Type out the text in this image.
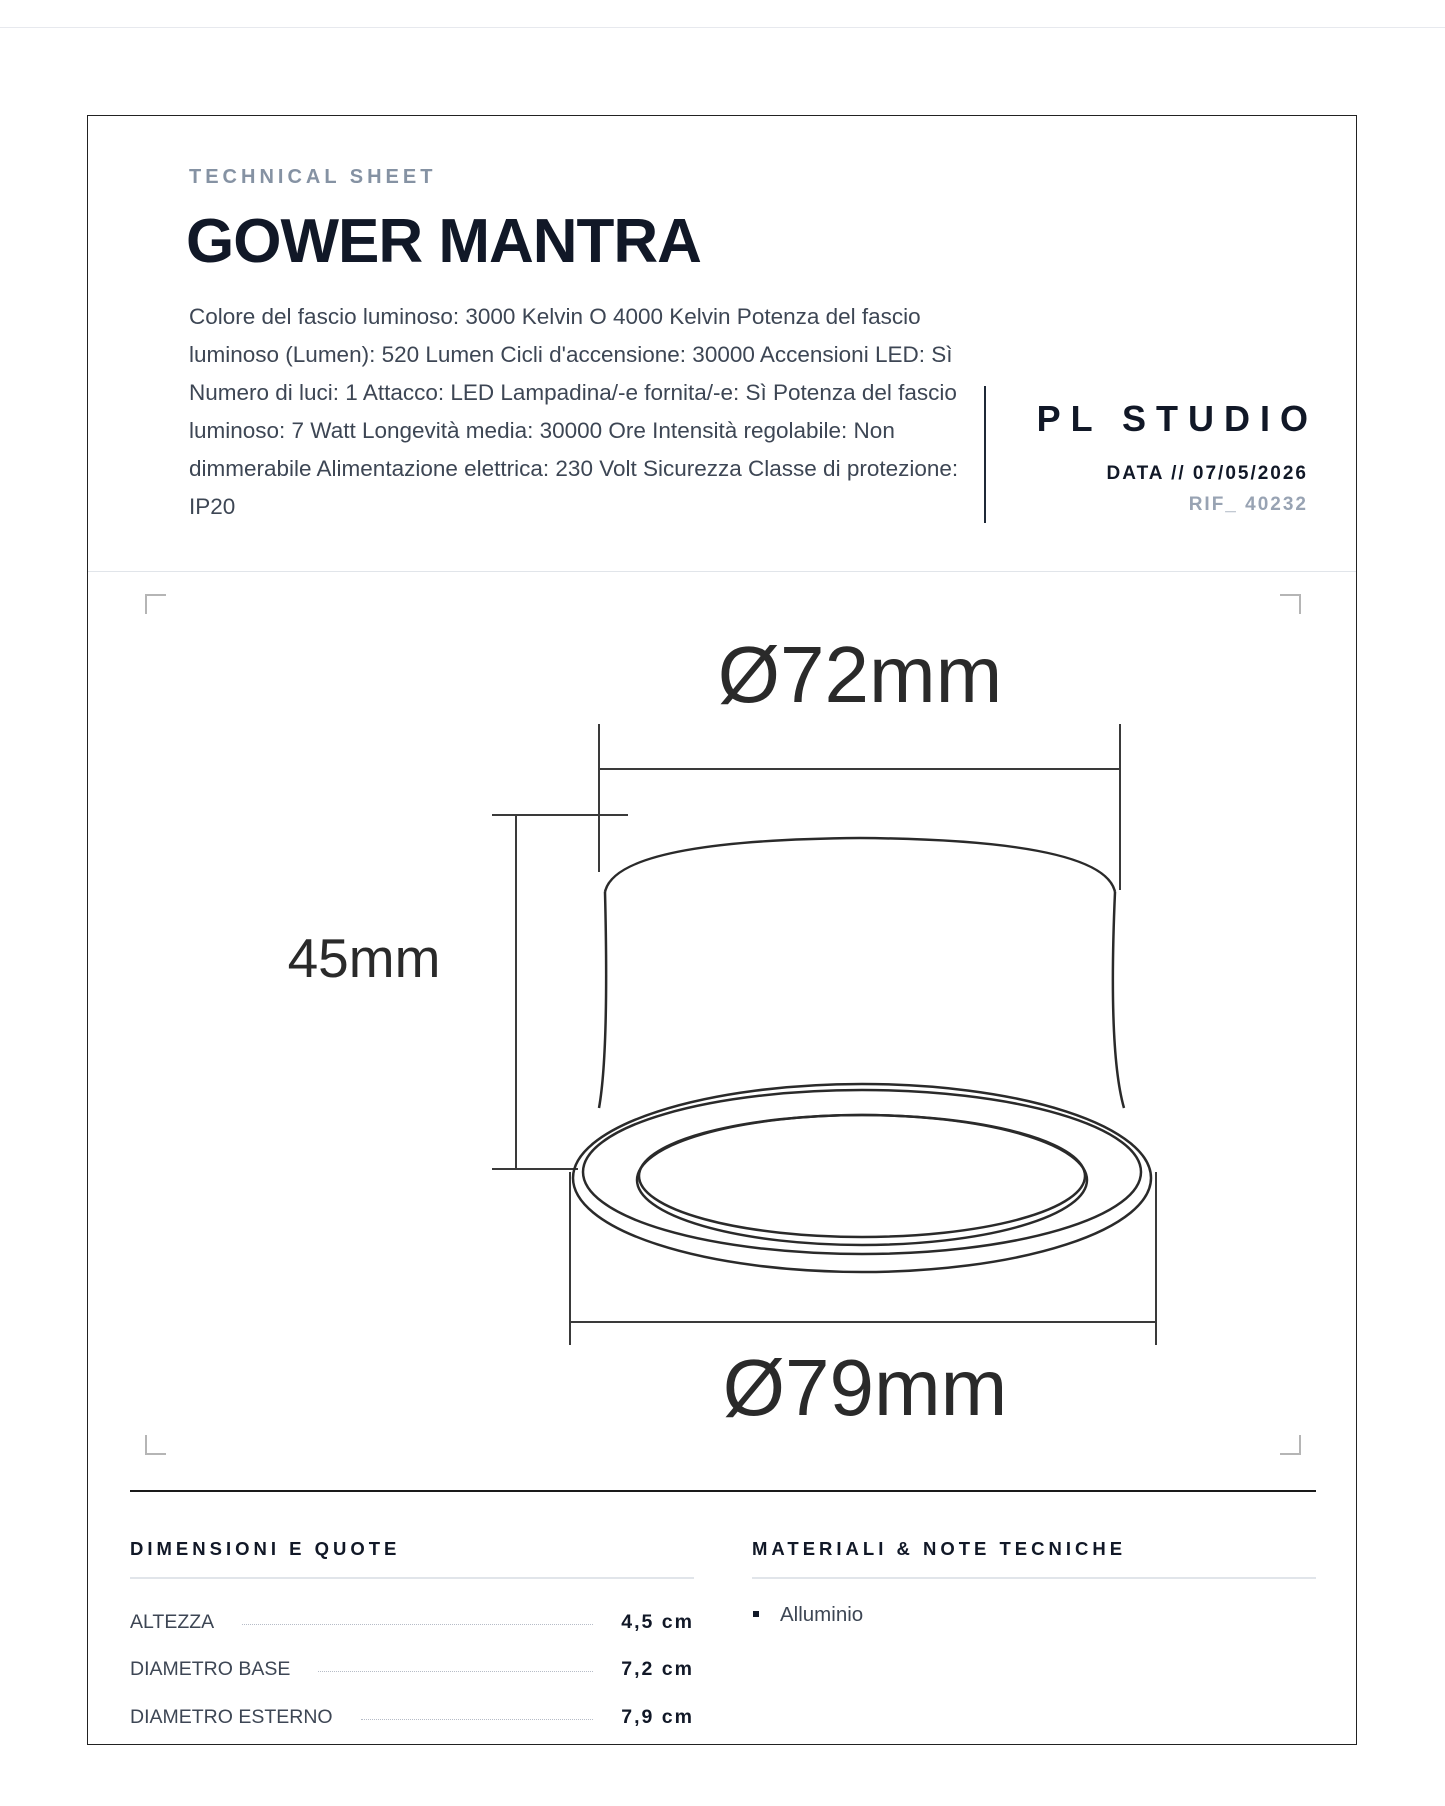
TECHNICAL SHEET
GOWER MANTRA

Colore del fascio luminoso: 3000 Kelvin O 4000 Kelvin Potenza del fascio luminoso (Lumen): 520 Lumen Cicli d'accensione: 30000 Accensioni LED: Sì Numero di luci: 1 Attacco: LED Lampadina/-e fornita/-e: Sì Potenza del fascio luminoso: 7 Watt Longevità media: 30000 Ore Intensità regolabile: Non dimmerabile Alimentazione elettrica: 230 Volt Sicurezza Classe di protezione: IP20

PL STUDIO
DATA // 07/05/2026
RIF_ 40232
Ø72mm
45mm
Ø79mm
DIMENSIONI E QUOTE
ALTEZZA	4,5 cm
DIAMETRO BASE	7,2 cm
DIAMETRO ESTERNO	7,9 cm
MATERIALI & NOTE TECNICHE
Alluminio
